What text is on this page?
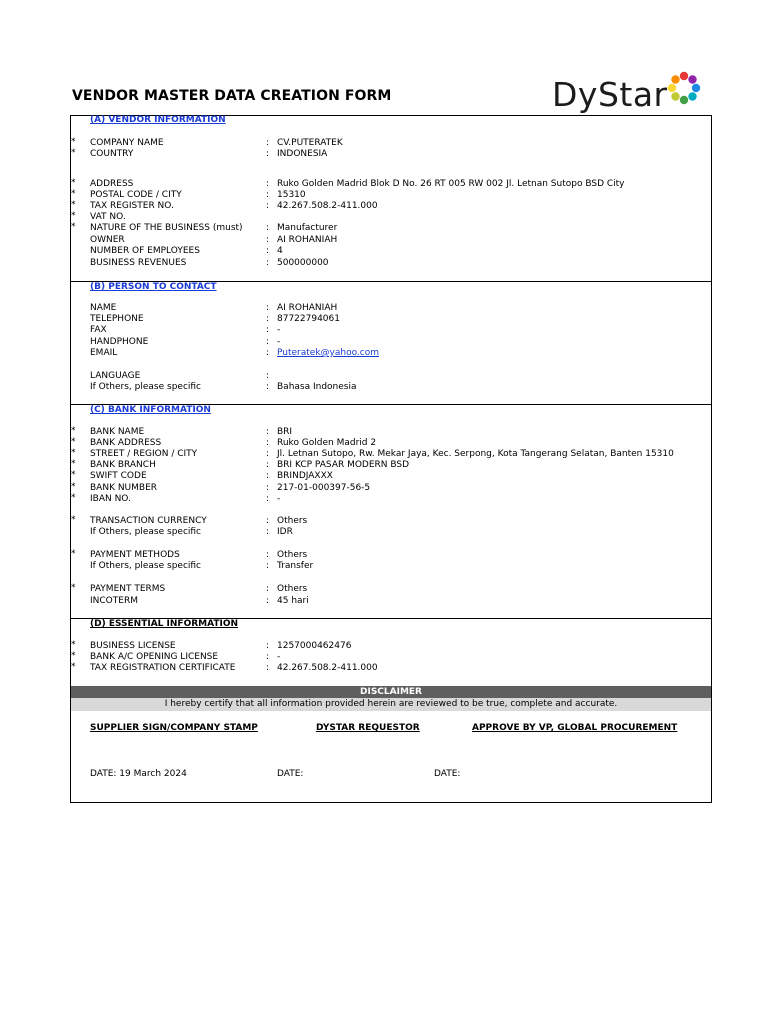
VENDOR MASTER DATA CREATION FORM	DyStar
(A) VENDOR INFORMATION
* COMPANY NAME	: CV.PUTERATEK
* COUNTRY	: INDONESIA
* ADDRESS	: Ruko Golden Madrid Blok D No. 26 RT 005 RW 002 Jl. Letnan Sutopo BSD City
* POSTAL CODE / CITY	: 15310
* TAX REGISTER NO.	: 42.267.508.2-411.000
* VAT NO.
* NATURE OF THE BUSINESS (must)	: Manufacturer
OWNER	: AI ROHANIAH
NUMBER OF EMPLOYEES	: 4
BUSINESS REVENUES	: 500000000
(B) PERSON TO CONTACT
NAME	: AI ROHANIAH
TELEPHONE	: 87722794061
FAX	: -
HANDPHONE	: -
EMAIL	: Puteratek@yahoo.com
LANGUAGE	:
If Others, please specific	: Bahasa Indonesia
(C) BANK INFORMATION
* BANK NAME	: BRI
* BANK ADDRESS	: Ruko Golden Madrid 2
* STREET / REGION / CITY	: Jl. Letnan Sutopo, Rw. Mekar Jaya, Kec. Serpong, Kota Tangerang Selatan, Banten 15310
* BANK BRANCH	: BRI KCP PASAR MODERN BSD
* SWIFT CODE	: BRINDJAXXX
* BANK NUMBER	: 217-01-000397-56-5
* IBAN NO.	: -
* TRANSACTION CURRENCY	: Others
If Others, please specific	: IDR
* PAYMENT METHODS	: Others
If Others, please specific	: Transfer
* PAYMENT TERMS	: Others
INCOTERM	: 45 hari
(D) ESSENTIAL INFORMATION
* BUSINESS LICENSE	: 1257000462476
* BANK A/C OPENING LICENSE	: -
* TAX REGISTRATION CERTIFICATE	: 42.267.508.2-411.000
DISCLAIMER
I hereby certify that all information provided herein are reviewed to be true, complete and accurate.
SUPPLIER SIGN/COMPANY STAMP	DYSTAR REQUESTOR	APPROVE BY VP, GLOBAL PROCUREMENT
DATE: 19 March 2024	DATE:	DATE:
